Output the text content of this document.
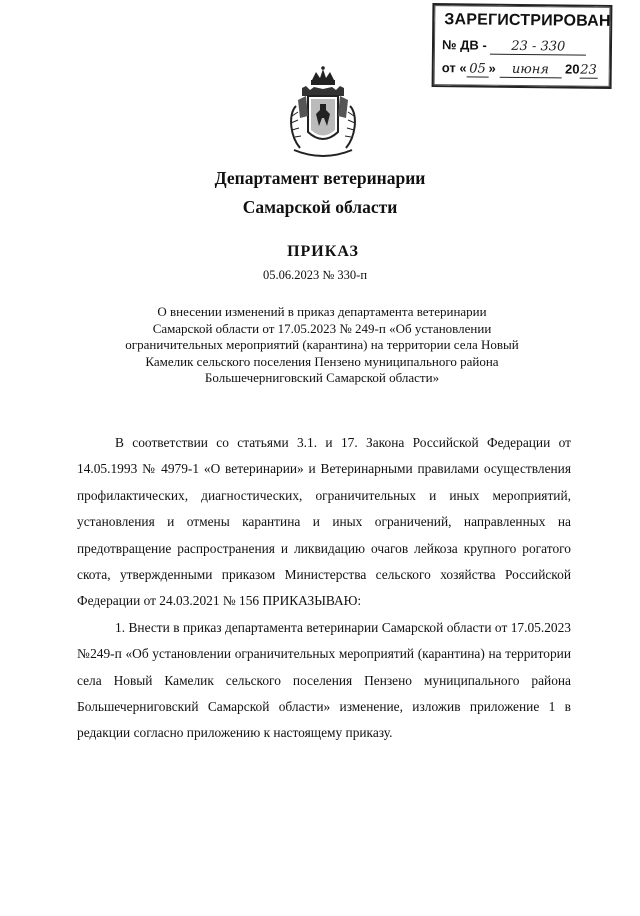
ЗАРЕГИСТРИРОВАН
№ ДВ - 23 - 330
от « 05 » июня 2023
Департамент ветеринарии
Самарской области
ПРИКАЗ
05.06.2023 № 330-п
О внесении изменений в приказ департамента ветеринарии
Самарской области от 17.05.2023 № 249-п «Об установлении
ограничительных мероприятий (карантина) на территории села Новый
Камелик сельского поселения Пензено муниципального района
Большечерниговский Самарской области»

В соответствии со статьями 3.1. и 17. Закона Российской Федерации от 14.05.1993 № 4979-1 «О ветеринарии» и Ветеринарными правилами осуществления профилактических, диагностических, ограничительных и иных мероприятий, установления и отмены карантина и иных ограничений, направленных на предотвращение распространения и ликвидацию очагов лейкоза крупного рогатого скота, утвержденными приказом Министерства сельского хозяйства Российской Федерации от 24.03.2021 № 156 ПРИКАЗЫВАЮ:

1. Внести в приказ департамента ветеринарии Самарской области от 17.05.2023 №249-п «Об установлении ограничительных мероприятий (карантина) на территории села Новый Камелик сельского поселения Пензено муниципального района Большечерниговский Самарской области» изменение, изложив приложение 1 в редакции согласно приложению к настоящему приказу.
